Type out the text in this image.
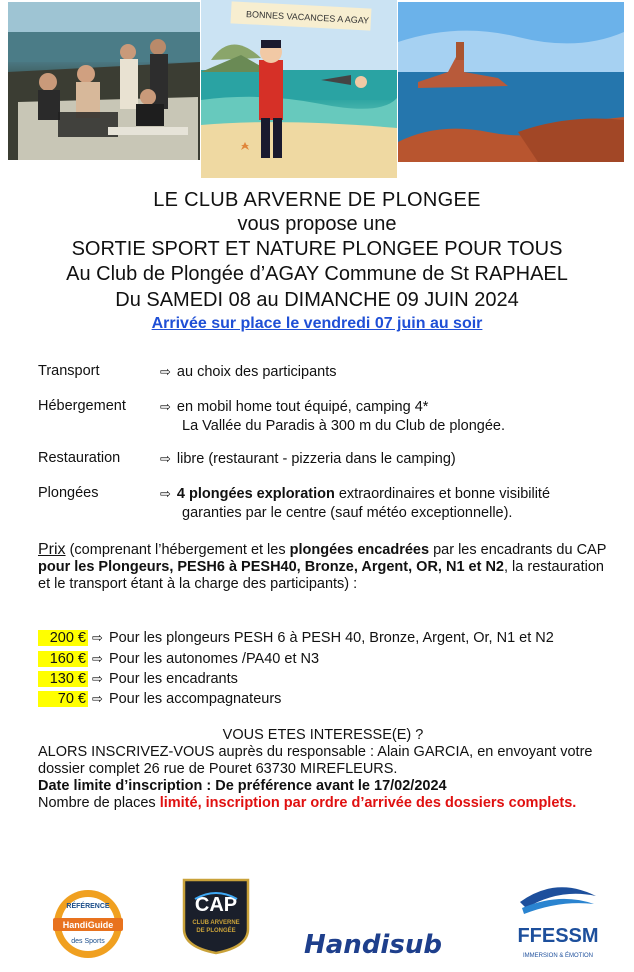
BONNES VACANCES A AGAY
LE CLUB ARVERNE DE PLONGEE
vous propose une
SORTIE SPORT ET NATURE PLONGEE POUR TOUS
Au Club de Plongée d’AGAY Commune de St RAPHAEL
Du SAMEDI 08 au DIMANCHE 09 JUIN 2024
Arrivée sur place le vendredi 07 juin au soir
Transport	⇨ au choix des participants
Hébergement	⇨ en mobil home tout équipé, camping 4*
La Vallée du Paradis à 300 m du Club de plongée.
Restauration	⇨ libre (restaurant - pizzeria dans le camping)
Plongées	⇨ 4 plongées exploration extraordinaires et bonne visibilité
garanties par le centre (sauf météo exceptionnelle).
Prix (comprenant l’hébergement et les plongées encadrées par les encadrants du CAP pour les Plongeurs, PESH6 à PESH40, Bronze, Argent, OR, N1 et N2, la restauration et le transport étant à la charge des participants) :
200 € ⇨ Pour les plongeurs PESH 6 à PESH 40, Bronze, Argent, Or, N1 et N2
160 € ⇨ Pour les autonomes /PA40 et N3
130 € ⇨ Pour les encadrants
70 € ⇨ Pour les accompagnateurs
VOUS ETES INTERESSE(E) ?
ALORS INSCRIVEZ-VOUS auprès du responsable : Alain GARCIA, en envoyant votre dossier complet 26 rue de Pouret 63730 MIREFLEURS.
Date limite d’inscription : De préférence avant le 17/02/2024
Nombre de places limité, inscription par ordre d’arrivée des dossiers complets.
RÉFÉRENCE
HandiGuide
des Sports
CAP
CLUB ARVERNE
DE PLONGÉE	Handisub	FFESSM
IMMERSION & ÉMOTION
